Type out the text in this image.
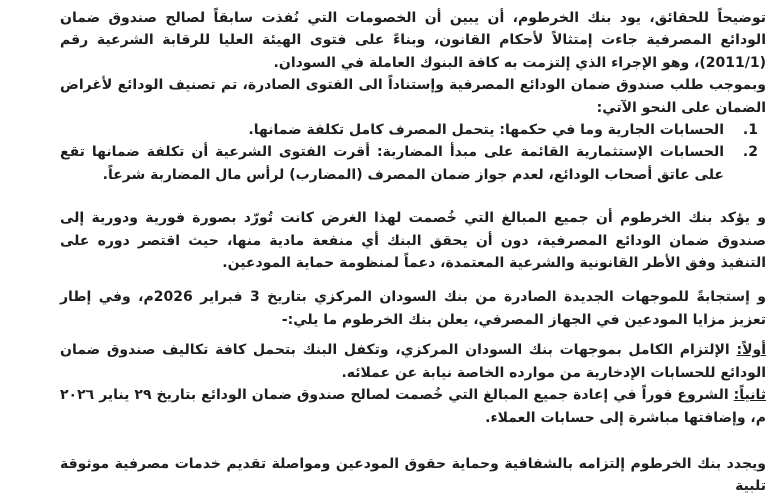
توضيحاً للحقائق، يود بنك الخرطوم، أن يبين أن الخصومات التي نُفذت سابقاً لصالح صندوق ضمان الودائع المصرفية جاءت إمتثالاً لأحكام القانون، وبناءً على فتوى الهيئة العليا للرقابة الشرعية رقم (2011/1)، وهو الإجراء الذي إلتزمت به كافة البنوك العاملة في السودان.

وبموجب طلب صندوق ضمان الودائع المصرفية وإستناداً الى الفتوى الصادرة، تم تصنيف الودائع لأغراض الضمان على النحو الآتي:

1.
الحسابات الجارية وما في حكمها: يتحمل المصرف كامل تكلفة ضمانها.
2.
الحسابات الإستثمارية القائمة على مبدأ المضاربة: أقرت الفتوى الشرعية أن تكلفة ضمانها تقع على عاتق أصحاب الودائع، لعدم جواز ضمان المصرف (المضارب) لرأس مال المضاربة شرعاً.

و يؤكد بنك الخرطوم أن جميع المبالغ التي خُصمت لهذا الغرض كانت تُورّد بصورة فورية ودورية إلى صندوق ضمان الودائع المصرفية، دون أن يحقق البنك أي منفعة مادية منها، حيث اقتصر دوره على التنفيذ وفق الأطر القانونية والشرعية المعتمدة، دعماً لمنظومة حماية المودعين.

و إستجابةً للموجهات الجديدة الصادرة من بنك السودان المركزي بتاريخ 3 فبراير 2026م، وفي إطار تعزيز مزايا المودعين في الجهاز المصرفي، يعلن بنك الخرطوم ما يلي:-

أولاً: الإلتزام الكامل بموجهات بنك السودان المركزي، وتكفل البنك بتحمل كافة تكاليف صندوق ضمان الودائع للحسابات الإدخارية من موارده الخاصة نيابة عن عملائه.

ثانياً: الشروع فوراً في إعادة جميع المبالغ التي خُصمت لصالح صندوق ضمان الودائع بتاريخ ٢٩ يناير ٢٠٢٦ م، وإضافتها مباشرة إلى حسابات العملاء.

ويجدد بنك الخرطوم إلتزامه بالشفافية وحماية حقوق المودعين ومواصلة تقديم خدمات مصرفية موثوقة تلبية
